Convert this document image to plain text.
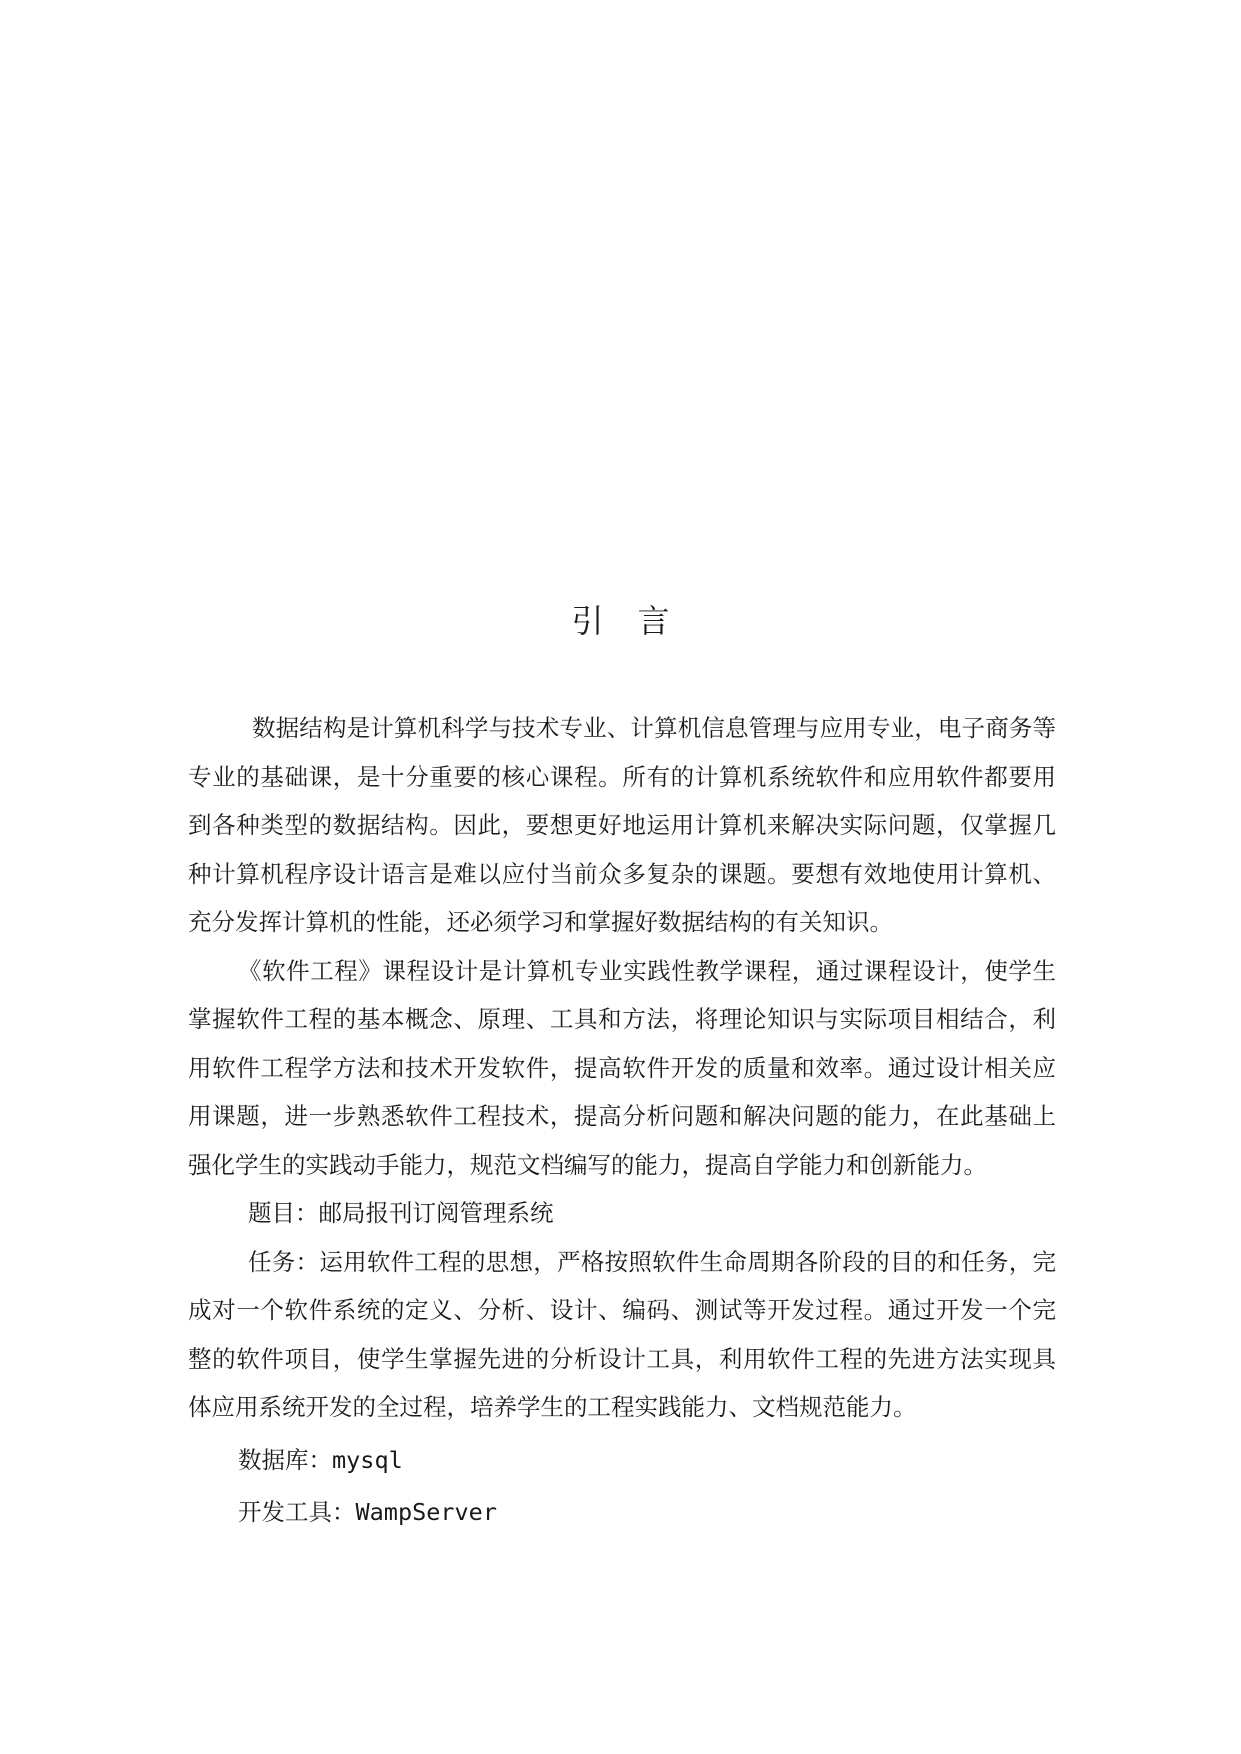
引言

数据结构是计算机科学与技术专业、计算机信息管理与应用专业，电子商务等专业的基础课，是十分重要的核心课程。所有的计算机系统软件和应用软件都要用到各种类型的数据结构。因此，要想更好地运用计算机来解决实际问题，仅掌握几种计算机程序设计语言是难以应付当前众多复杂的课题。要想有效地使用计算机、充分发挥计算机的性能，还必须学习和掌握好数据结构的有关知识。

《软件工程》课程设计是计算机专业实践性教学课程，通过课程设计，使学生掌握软件工程的基本概念、原理、工具和方法，将理论知识与实际项目相结合，利用软件工程学方法和技术开发软件，提高软件开发的质量和效率。通过设计相关应用课题，进一步熟悉软件工程技术，提高分析问题和解决问题的能力，在此基础上强化学生的实践动手能力，规范文档编写的能力，提高自学能力和创新能力。

题目：邮局报刊订阅管理系统

任务：运用软件工程的思想，严格按照软件生命周期各阶段的目的和任务，完成对一个软件系统的定义、分析、设计、编码、测试等开发过程。通过开发一个完整的软件项目，使学生掌握先进的分析设计工具，利用软件工程的先进方法实现具体应用系统开发的全过程，培养学生的工程实践能力、文档规范能力。

数据库：mysql

开发工具：WampServer
